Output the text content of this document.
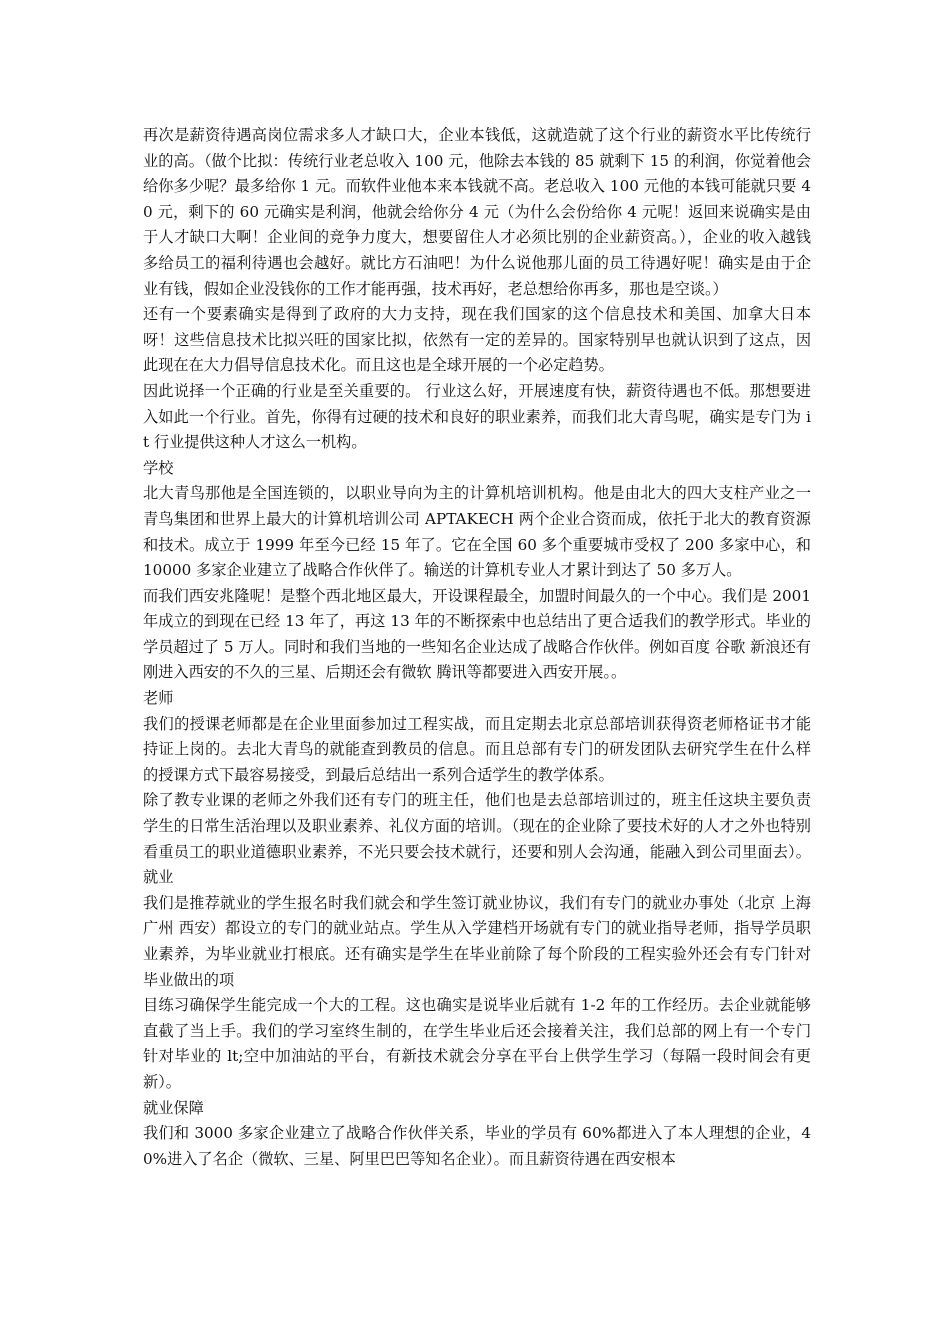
再次是薪资待遇高岗位需求多人才缺口大，企业本钱低，这就造就了这个行业的薪资水平比传统行业的高。（做个比拟：传统行业老总收入 100 元，他除去本钱的 85 就剩下 15 的利润，你觉着他会给你多少呢？最多给你 1 元。而软件业他本来本钱就不高。老总收入 100 元他的本钱可能就只要 40 元，剩下的 60 元确实是利润，他就会给你分 4 元（为什么会份给你 4 元呢！返回来说确实是由于人才缺口大啊！企业间的竞争力度大，想要留住人才必须比别的企业薪资高。），企业的收入越钱多给员工的福利待遇也会越好。就比方石油吧！为什么说他那儿面的员工待遇好呢！确实是由于企业有钱，假如企业没钱你的工作才能再强，技术再好，老总想给你再多，那也是空谈。）

还有一个要素确实是得到了政府的大力支持，现在我们国家的这个信息技术和美国、加拿大日本呀！这些信息技术比拟兴旺的国家比拟，依然有一定的差异的。国家特别早也就认识到了这点，因此现在在大力倡导信息技术化。而且这也是全球开展的一个必定趋势。

因此说择一个正确的行业是至关重要的。 行业这么好，开展速度有快，薪资待遇也不低。那想要进入如此一个行业。首先，你得有过硬的技术和良好的职业素养，而我们北大青鸟呢，确实是专门为 it 行业提供这种人才这么一机构。

学校

北大青鸟那他是全国连锁的，以职业导向为主的计算机培训机构。他是由北大的四大支柱产业之一青鸟集团和世界上最大的计算机培训公司 APTAKECH 两个企业合资而成，依托于北大的教育资源和技术。成立于 1999 年至今已经 15 年了。它在全国 60 多个重要城市受权了 200 多家中心，和 10000 多家企业建立了战略合作伙伴了。输送的计算机专业人才累计到达了 50 多万人。

而我们西安兆隆呢！是整个西北地区最大，开设课程最全，加盟时间最久的一个中心。我们是 2001 年成立的到现在已经 13 年了，再这 13 年的不断探索中也总结出了更合适我们的教学形式。毕业的学员超过了 5 万人。同时和我们当地的一些知名企业达成了战略合作伙伴。例如百度 谷歌 新浪还有刚进入西安的不久的三星、后期还会有微软 腾讯等都要进入西安开展。。

老师

我们的授课老师都是在企业里面参加过工程实战，而且定期去北京总部培训获得资老师格证书才能持证上岗的。去北大青鸟的就能查到教员的信息。而且总部有专门的研发团队去研究学生在什么样的授课方式下最容易接受，到最后总结出一系列合适学生的教学体系。

除了教专业课的老师之外我们还有专门的班主任，他们也是去总部培训过的，班主任这块主要负责学生的日常生活治理以及职业素养、礼仪方面的培训。（现在的企业除了要技术好的人才之外也特别看重员工的职业道德职业素养，不光只要会技术就行，还要和别人会沟通，能融入到公司里面去）。 就业

我们是推荐就业的学生报名时我们就会和学生签订就业协议，我们有专门的就业办事处（北京 上海 广州 西安）都设立的专门的就业站点。学生从入学建档开场就有专门的就业指导老师，指导学员职业素养，为毕业就业打根底。还有确实是学生在毕业前除了每个阶段的工程实验外还会有专门针对毕业做出的项

目练习确保学生能完成一个大的工程。这也确实是说毕业后就有 1-2 年的工作经历。去企业就能够直截了当上手。我们的学习室终生制的，在学生毕业后还会接着关注，我们总部的网上有一个专门针对毕业的 lt;空中加油站的平台，有新技术就会分享在平台上供学生学习（每隔一段时间会有更新）。

就业保障

我们和 3000 多家企业建立了战略合作伙伴关系，毕业的学员有 60%都进入了本人理想的企业，40%进入了名企（微软、三星、阿里巴巴等知名企业）。而且薪资待遇在西安根本
